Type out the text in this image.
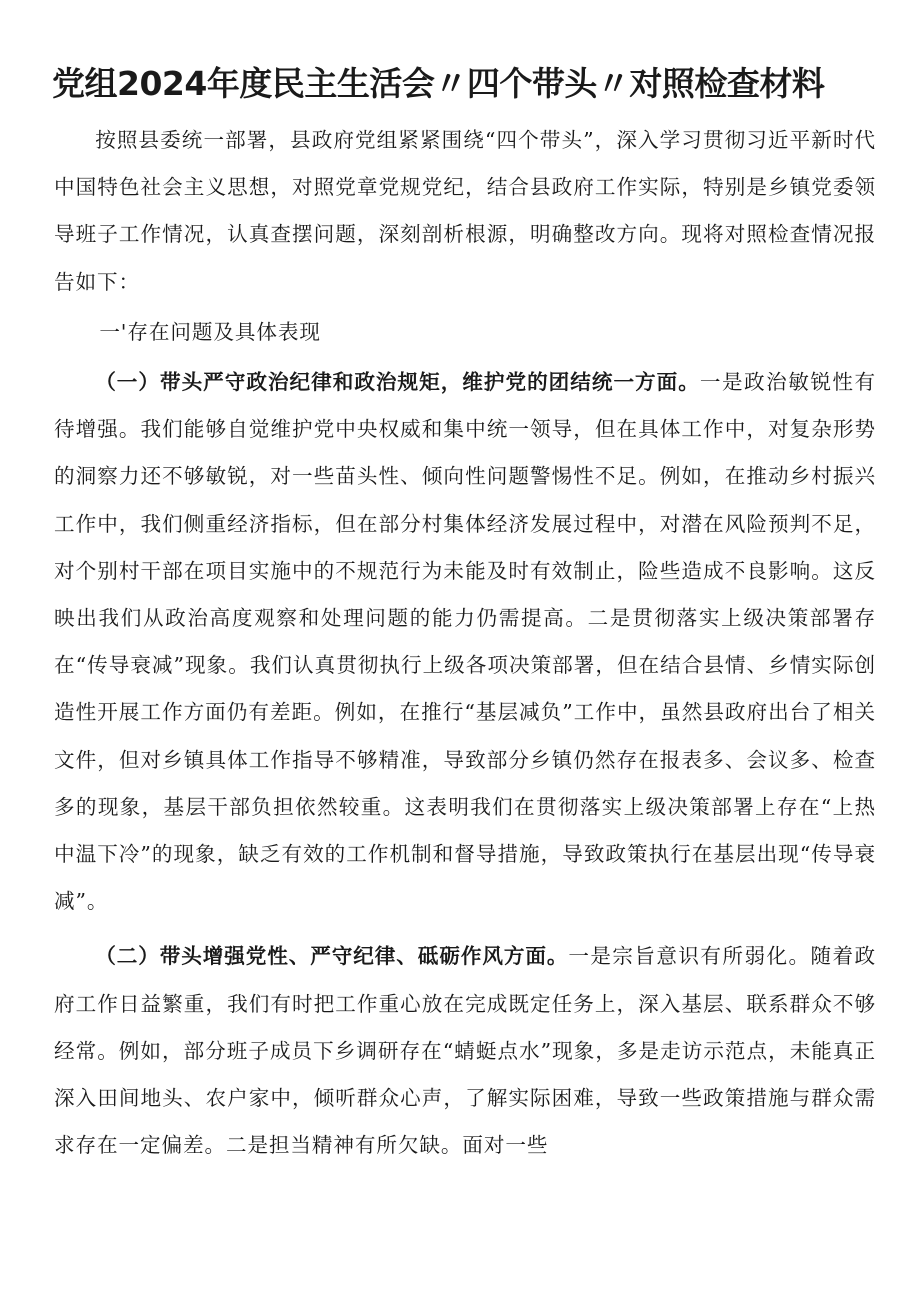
党组2024年度民主生活会〃四个带头〃对照检查材料

按照县委统一部署，县政府党组紧紧围绕“四个带头”，深入学习贯彻习近平新时代中国特色社会主义思想，对照党章党规党纪，结合县政府工作实际，特别是乡镇党委领导班子工作情况，认真查摆问题，深刻剖析根源，明确整改方向。现将对照检查情况报告如下：

一'存在问题及具体表现

（一）带头严守政治纪律和政治规矩，维护党的团结统一方面。一是政治敏锐性有待增强。我们能够自觉维护党中央权威和集中统一领导，但在具体工作中，对复杂形势的洞察力还不够敏锐，对一些苗头性、倾向性问题警惕性不足。例如，在推动乡村振兴工作中，我们侧重经济指标，但在部分村集体经济发展过程中，对潜在风险预判不足，对个别村干部在项目实施中的不规范行为未能及时有效制止，险些造成不良影响。这反映出我们从政治高度观察和处理问题的能力仍需提高。二是贯彻落实上级决策部署存在“传导衰减”现象。我们认真贯彻执行上级各项决策部署，但在结合县情、乡情实际创造性开展工作方面仍有差距。例如，在推行“基层减负”工作中，虽然县政府出台了相关文件，但对乡镇具体工作指导不够精准，导致部分乡镇仍然存在报表多、会议多、检查多的现象，基层干部负担依然较重。这表明我们在贯彻落实上级决策部署上存在“上热中温下冷”的现象，缺乏有效的工作机制和督导措施，导致政策执行在基层出现“传导衰减”。

（二）带头增强党性、严守纪律、砥砺作风方面。一是宗旨意识有所弱化。随着政府工作日益繁重，我们有时把工作重心放在完成既定任务上，深入基层、联系群众不够经常。例如，部分班子成员下乡调研存在“蜻蜓点水”现象，多是走访示范点，未能真正深入田间地头、农户家中，倾听群众心声，了解实际困难，导致一些政策措施与群众需求存在一定偏差。二是担当精神有所欠缺。面对一些
